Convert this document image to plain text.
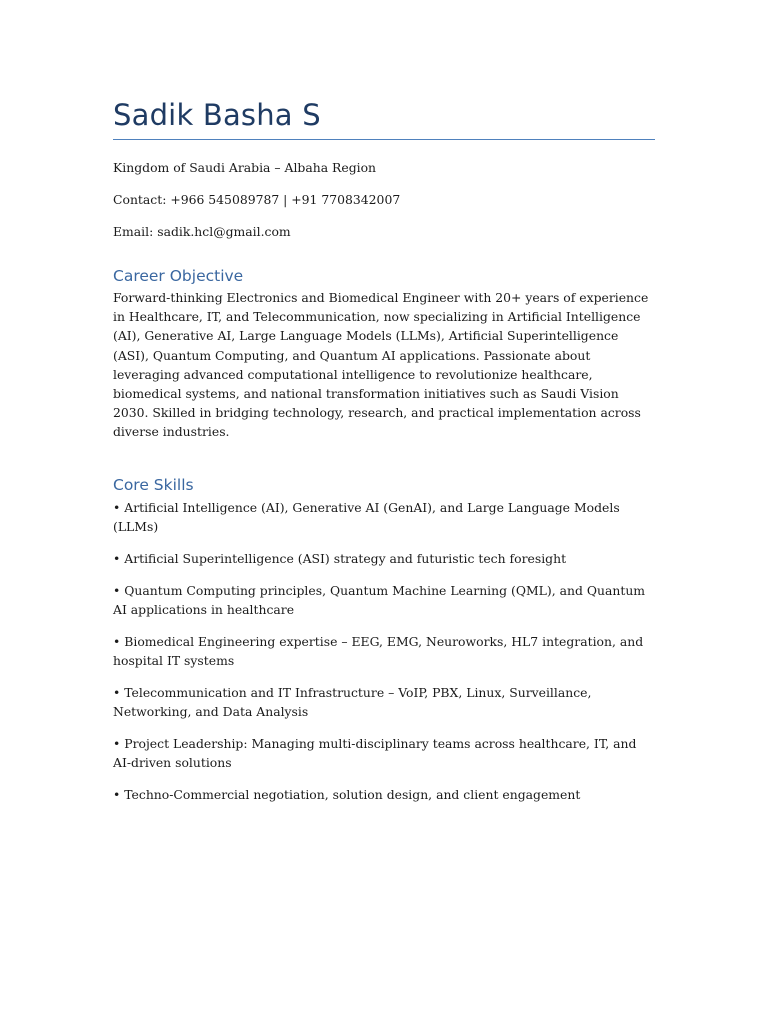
Sadik Basha S

Kingdom of Saudi Arabia – Albaha Region

Contact: +966 545089787 | +91 7708342007

Email: sadik.hcl@gmail.com

Career Objective

Forward-thinking Electronics and Biomedical Engineer with 20+ years of experience in Healthcare, IT, and Telecommunication, now specializing in Artificial Intelligence (AI), Generative AI, Large Language Models (LLMs), Artificial Superintelligence (ASI), Quantum Computing, and Quantum AI applications. Passionate about leveraging advanced computational intelligence to revolutionize healthcare, biomedical systems, and national transformation initiatives such as Saudi Vision 2030. Skilled in bridging technology, research, and practical implementation across diverse industries.

Core Skills
• Artificial Intelligence (AI), Generative AI (GenAI), and Large Language Models (LLMs)
• Artificial Superintelligence (ASI) strategy and futuristic tech foresight
• Quantum Computing principles, Quantum Machine Learning (QML), and Quantum AI applications in healthcare
• Biomedical Engineering expertise – EEG, EMG, Neuroworks, HL7 integration, and hospital IT systems
• Telecommunication and IT Infrastructure – VoIP, PBX, Linux, Surveillance, Networking, and Data Analysis
• Project Leadership: Managing multi-disciplinary teams across healthcare, IT, and AI-driven solutions
• Techno-Commercial negotiation, solution design, and client engagement
